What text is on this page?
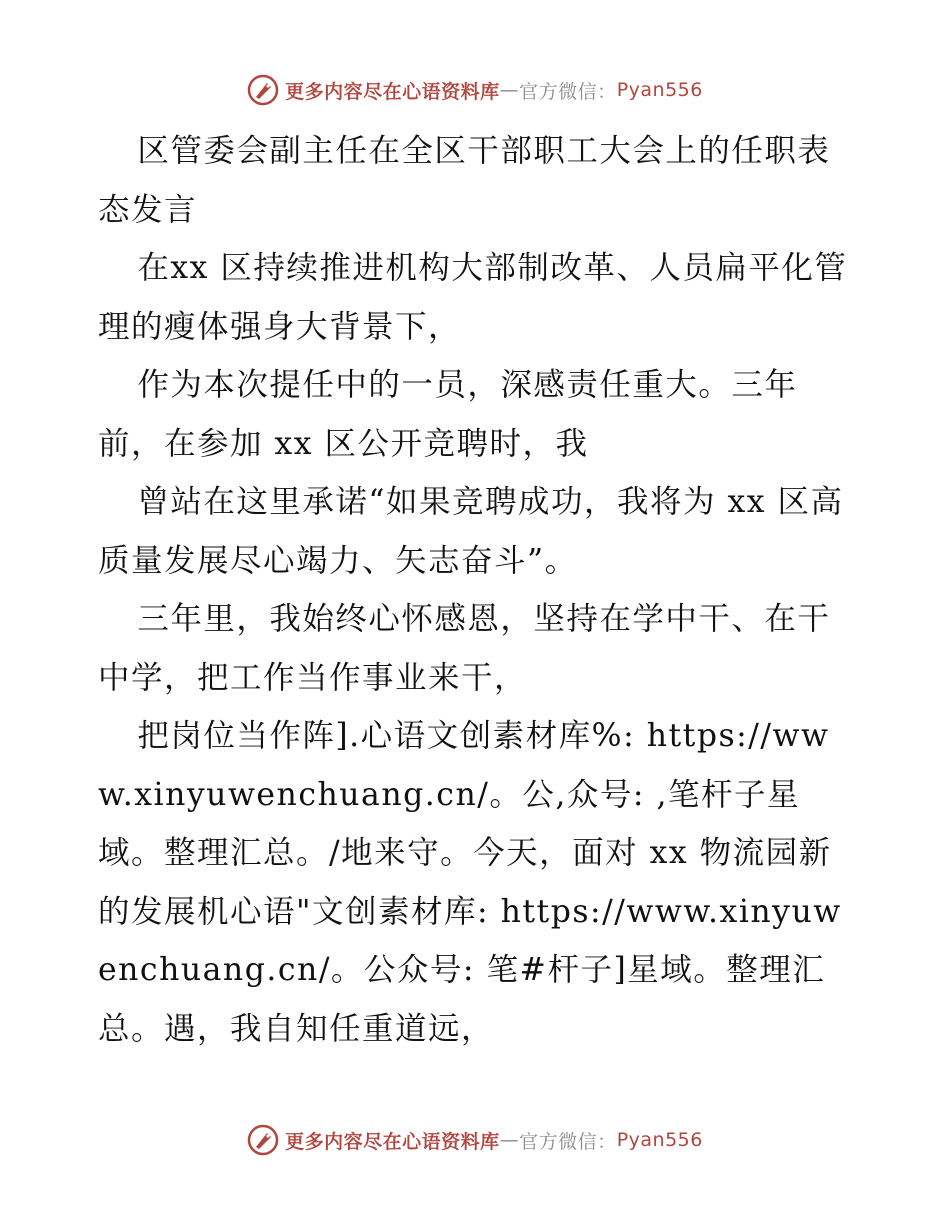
更多内容尽在心语资料库 — 官方微信： Pyan556

区管委会副主任在全区干部职工大会上的任职表态发言

在xx 区持续推进机构大部制改革、人员扁平化管理的瘦体强身大背景下，

作为本次提任中的一员，深感责任重大。三年前，在参加 xx 区公开竞聘时，我

曾站在这里承诺“如果竞聘成功，我将为 xx 区高质量发展尽心竭力、矢志奋斗”。

三年里，我始终心怀感恩，坚持在学中干、在干中学，把工作当作事业来干，

把岗位当作阵].心语文创素材库%: https://www.xinyuwenchuang.cn/。公,众号: ,笔杆子星域。整理汇总。/地来守。今天，面对 xx 物流园新的发展机心语"文创素材库: https://www.xinyuwenchuang.cn/。公众号: 笔#杆子]星域。整理汇总。遇，我自知任重道远，

更多内容尽在心语资料库 — 官方微信： Pyan556
